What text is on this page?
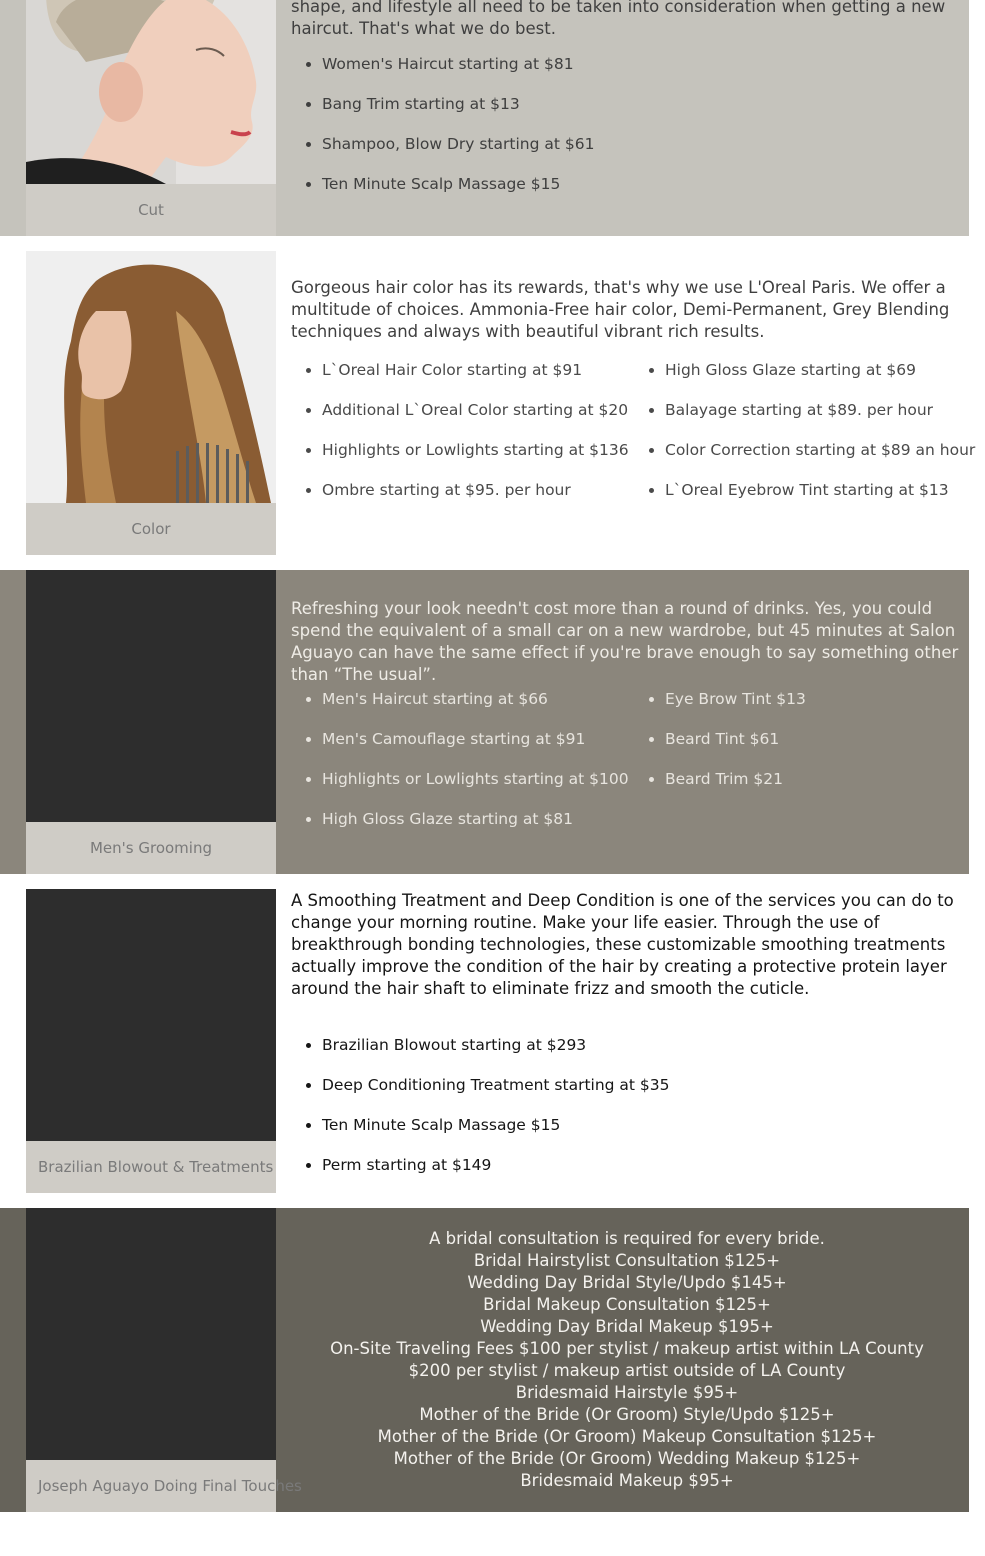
Cut

shape, and lifestyle all need to be taken into consideration when getting a new haircut. That's what we do best.

• Women's Haircut starting at $81
• Bang Trim starting at $13
• Shampoo, Blow Dry starting at $61
• Ten Minute Scalp Massage $15
Color

Gorgeous hair color has its rewards, that's why we use L'Oreal Paris. We offer a multitude of choices. Ammonia-Free hair color, Demi-Permanent, Grey Blending techniques and always with beautiful vibrant rich results.

• L`Oreal Hair Color starting at $91
• Additional L`Oreal Color starting at $20
• Highlights or Lowlights starting at $136
• Ombre starting at $95. per hour
• High Gloss Glaze starting at $69
• Balayage starting at $89. per hour
• Color Correction starting at $89 an hour
• L`Oreal Eyebrow Tint starting at $13
Men's Grooming

Refreshing your look needn't cost more than a round of drinks. Yes, you could spend the equivalent of a small car on a new wardrobe, but 45 minutes at Salon Aguayo can have the same effect if you're brave enough to say something other than “The usual”.

• Men's Haircut starting at $66
• Men's Camouflage starting at $91
• Highlights or Lowlights starting at $100
• High Gloss Glaze starting at $81
• Eye Brow Tint $13
• Beard Tint $61
• Beard Trim $21
Brazilian Blowout & Treatments

A Smoothing Treatment and Deep Condition is one of the services you can do to change your morning routine. Make your life easier. Through the use of breakthrough bonding technologies, these customizable smoothing treatments actually improve the condition of the hair by creating a protective protein layer around the hair shaft to eliminate frizz and smooth the cuticle.

• Brazilian Blowout starting at $293
• Deep Conditioning Treatment starting at $35
• Ten Minute Scalp Massage $15
• Perm starting at $149
Joseph Aguayo Doing Final Touches
A bridal consultation is required for every bride.
Bridal Hairstylist Consultation $125+
Wedding Day Bridal Style/Updo $145+
Bridal Makeup Consultation $125+
Wedding Day Bridal Makeup $195+
On-Site Traveling Fees $100 per stylist / makeup artist within LA County
$200 per stylist / makeup artist outside of LA County
Bridesmaid Hairstyle $95+
Mother of the Bride (Or Groom) Style/Updo $125+
Mother of the Bride (Or Groom) Makeup Consultation $125+
Mother of the Bride (Or Groom) Wedding Makeup $125+
Bridesmaid Makeup $95+
